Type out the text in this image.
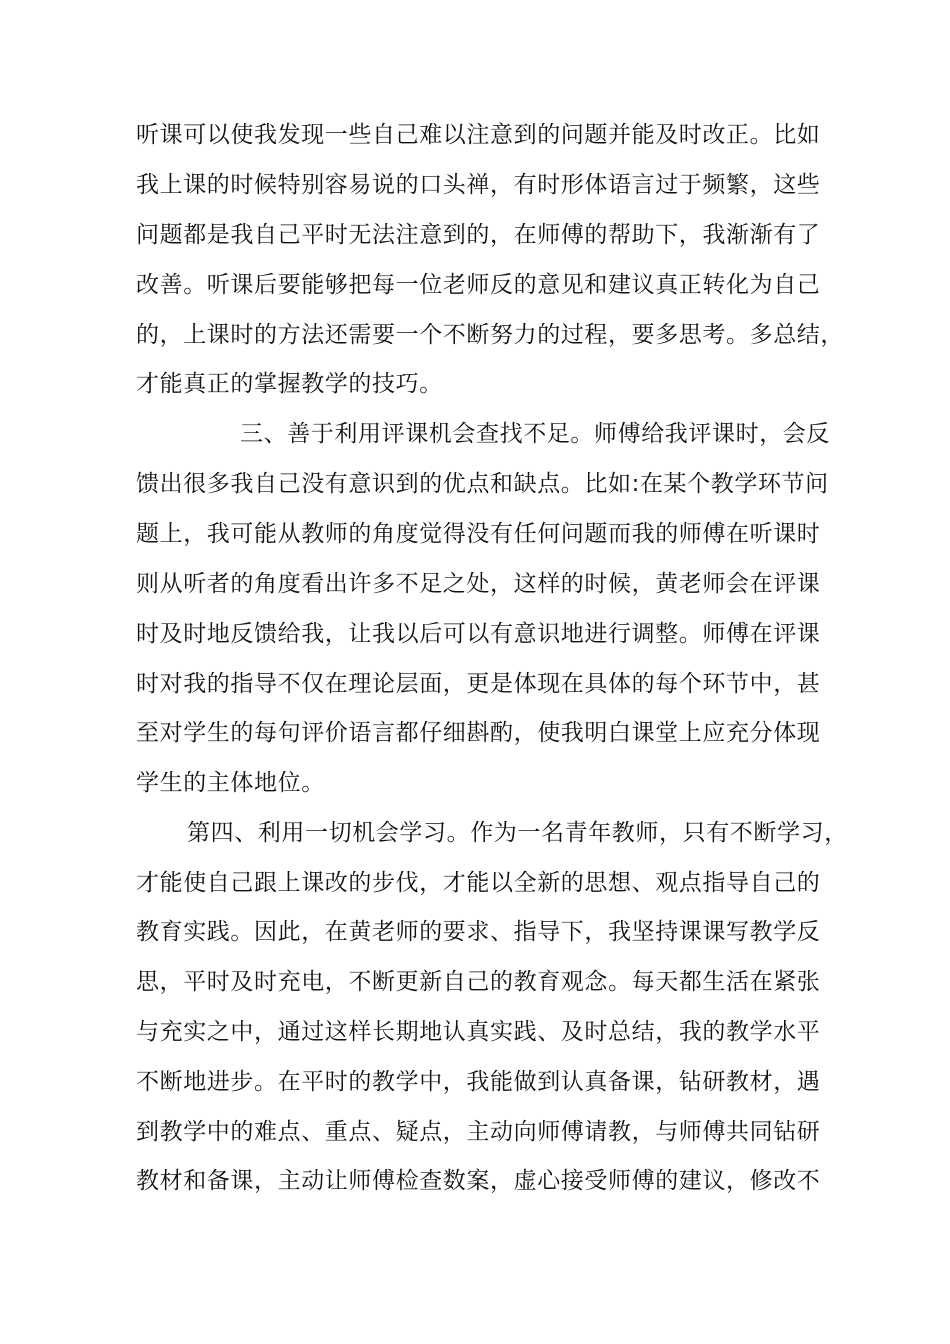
听课可以使我发现一些自己难以注意到的问题并能及时改正。比如
我上课的时候特别容易说的口头禅，有时形体语言过于频繁，这些
问题都是我自己平时无法注意到的，在师傅的帮助下，我渐渐有了
改善。听课后要能够把每一位老师反的意见和建议真正转化为自己
的，上课时的方法还需要一个不断努力的过程，要多思考。多总结，
才能真正的掌握教学的技巧。
三、善于利用评课机会查找不足。师傅给我评课时，会反
馈出很多我自己没有意识到的优点和缺点。比如:在某个教学环节问
题上，我可能从教师的角度觉得没有任何问题而我的师傅在听课时
则从听者的角度看出许多不足之处，这样的时候，黄老师会在评课
时及时地反馈给我，让我以后可以有意识地进行调整。师傅在评课
时对我的指导不仅在理论层面，更是体现在具体的每个环节中，甚
至对学生的每句评价语言都仔细斟酌，使我明白课堂上应充分体现
学生的主体地位。
第四、利用一切机会学习。作为一名青年教师，只有不断学习，
才能使自己跟上课改的步伐，才能以全新的思想、观点指导自己的
教育实践。因此，在黄老师的要求、指导下，我坚持课课写教学反
思，平时及时充电，不断更新自己的教育观念。每天都生活在紧张
与充实之中，通过这样长期地认真实践、及时总结，我的教学水平
不断地进步。在平时的教学中，我能做到认真备课，钻研教材，遇
到教学中的难点、重点、疑点，主动向师傅请教，与师傅共同钻研
教材和备课，主动让师傅检查数案，虚心接受师傅的建议，修改不
